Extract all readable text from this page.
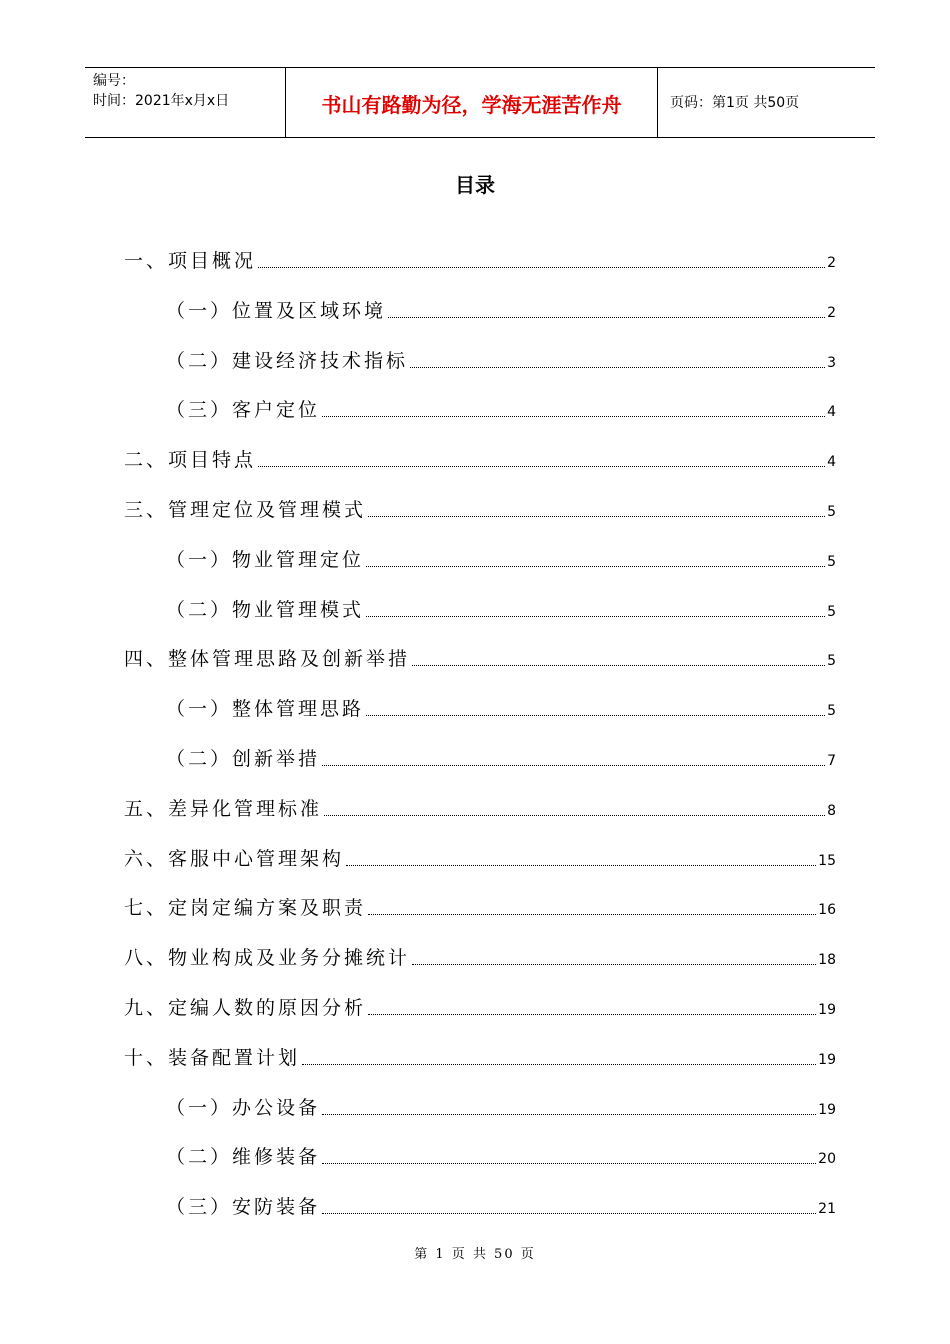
编号：
时间：2021年x月x日	书山有路勤为径，学海无涯苦作舟	页码：第1页 共50页
目录
一、项目概况	2
（一）位置及区域环境	2
（二）建设经济技术指标	3
（三）客户定位	4
二、项目特点	4
三、管理定位及管理模式	5
（一）物业管理定位	5
（二）物业管理模式	5
四、整体管理思路及创新举措	5
（一）整体管理思路	5
（二）创新举措	7
五、差异化管理标准	8
六、客服中心管理架构	15
七、定岗定编方案及职责	16
八、物业构成及业务分摊统计	18
九、定编人数的原因分析	19
十、装备配置计划	19
（一）办公设备	19
（二）维修装备	20
（三）安防装备	21
第 1 页 共 50 页
